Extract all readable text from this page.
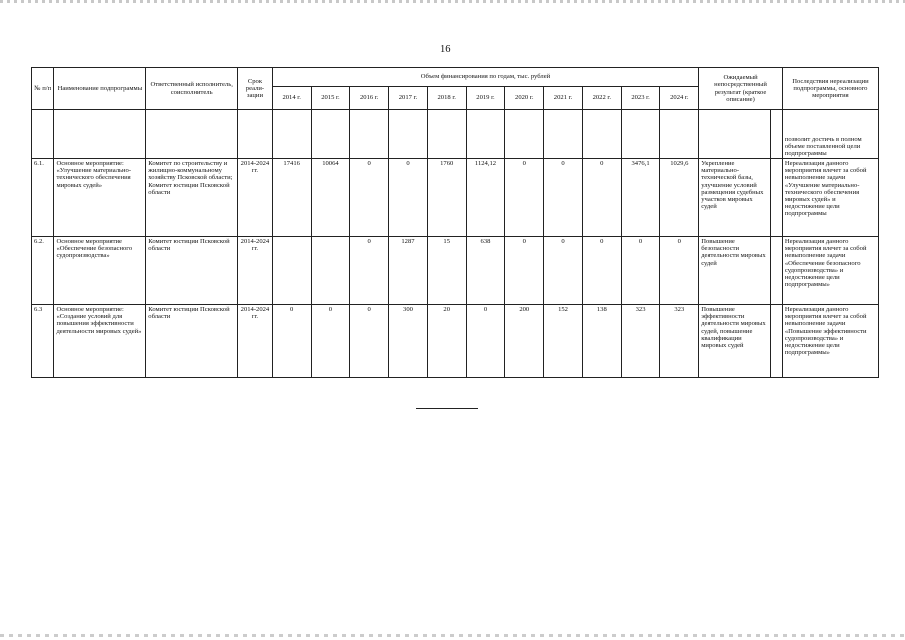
16
№ п/п	Наименование подпрограммы	Ответственный исполнитель, соисполнитель	Срок реали- зации	Объем финансирования по годам, тыс. рублей											Ожидаемый непосредственный результат (краткое описание)		Последствия нереализации подпрограммы, основного мероприятия
				2014 г.	2015 г.	2016 г.	2017 г.	2018 г.	2019 г.	2020 г.	2021 г.	2022 г.	2023 г.	2024 г.			

																	позволит достичь в полном объеме поставленной цели подпрограммы

6.1.	Основное мероприятие: «Улучшение материально-технического обеспечения мировых судей»	Комитет по строительству и жилищно-коммунальному хозяйству Псковской области; Комитет юстиции Псковской области	2014-2024 гг.	17416	10064	0	0	1760	1124,12	0	0	0	3476,1	1029,6	Укрепление материально-технической базы, улучшение условий размещения судебных участков мировых судей		Нереализация данного мероприятия влечет за собой невыполнение задачи «Улучшение материально-технического обеспечения мировых судей» и недостижение цели подпрограммы
6.2.	Основное мероприятие «Обеспечение безопасного судопроизводства»	Комитет юстиции Псковской области	2014-2024 гг.			0	1287	15	638	0	0	0	0	0	Повышение безопасности деятельности мировых судей		Нереализация данного мероприятия влечет за собой невыполнение задачи «Обеспечение безопасного судопроизводства» и недостижение цели подпрограммы»
6.3	Основное мероприятие: «Создание условий для повышения эффективности деятельности мировых судей»	Комитет юстиции Псковской области	2014-2024 гг.	0	0	0	300	20	0	200	152	138	323	323	Повышение эффективности деятельности мировых судей, повышение квалификации мировых судей		Нереализация данного мероприятия влечет за собой невыполнение задачи «Повышение эффективности судопроизводства» и недостижение цели подпрограммы»
